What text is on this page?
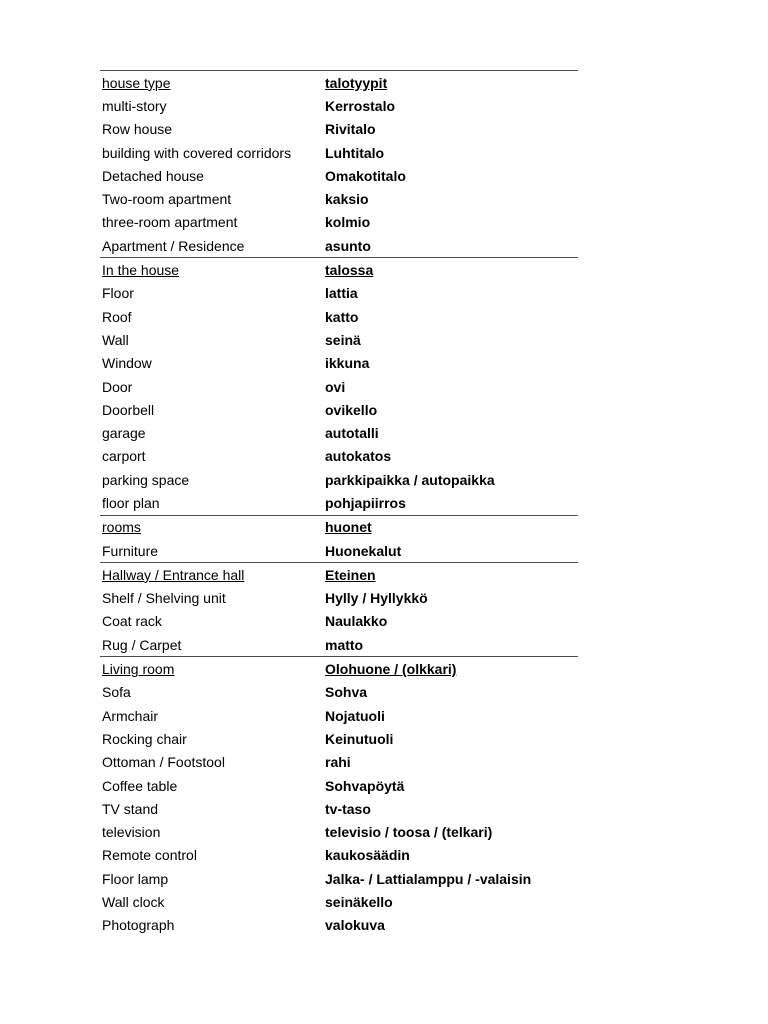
house type	talotyypit
multi-story	Kerrostalo
Row house	Rivitalo
building with covered corridors	Luhtitalo
Detached house	Omakotitalo
Two-room apartment	kaksio
three-room apartment	kolmio
Apartment / Residence	asunto
In the house	talossa
Floor	lattia
Roof	katto
Wall	seinä
Window	ikkuna
Door	ovi
Doorbell	ovikello
garage	autotalli
carport	autokatos
parking space	parkkipaikka / autopaikka
floor plan	pohjapiirros
rooms	huonet
Furniture	Huonekalut
Hallway / Entrance hall	Eteinen
Shelf / Shelving unit	Hylly / Hyllykkö
Coat rack	Naulakko
Rug / Carpet	matto
Living room	Olohuone / (olkkari)
Sofa	Sohva
Armchair	Nojatuoli
Rocking chair	Keinutuoli
Ottoman / Footstool	rahi
Coffee table	Sohvapöytä
TV stand	tv-taso
television	televisio / toosa / (telkari)
Remote control	kaukosäädin
Floor lamp	Jalka- / Lattialamppu / -valaisin
Wall clock	seinäkello
Photograph	valokuva
